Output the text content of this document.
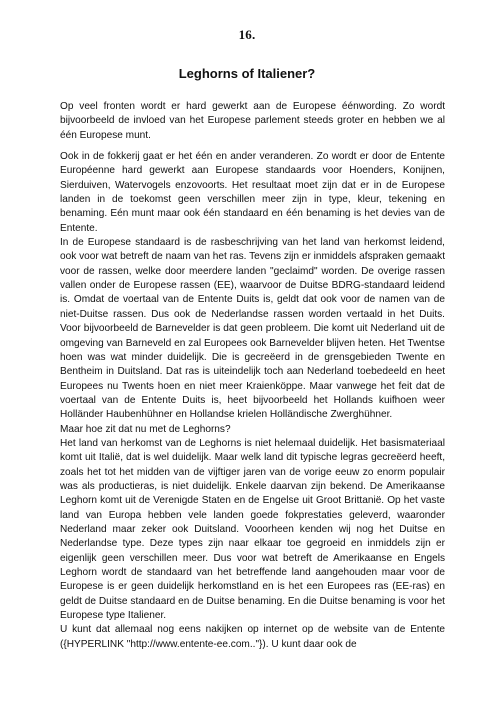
16.
Leghorns of Italiener?

Op veel fronten wordt er hard gewerkt aan de Europese éénwording. Zo wordt bijvoorbeeld de invloed van het Europese parlement steeds groter en hebben we al één Europese munt.

Ook in de fokkerij gaat er het één en ander veranderen. Zo wordt er door de Entente Européenne hard gewerkt aan Europese standaards voor Hoenders, Konijnen, Sierduiven, Watervogels enzovoorts. Het resultaat moet zijn dat er in de Europese landen in de toekomst geen verschillen meer zijn in type, kleur, tekening en benaming. Eén munt maar ook één standaard en één benaming is het devies van de Entente.

In de Europese standaard is de rasbeschrijving van het land van herkomst leidend, ook voor wat betreft de naam van het ras. Tevens zijn er inmiddels afspraken gemaakt voor de rassen, welke door meerdere landen "geclaimd" worden. De overige rassen vallen onder de Europese rassen (EE), waarvoor de Duitse BDRG-standaard leidend is. Omdat de voertaal van de Entente Duits is, geldt dat ook voor de namen van de niet-Duitse rassen. Dus ook de Nederlandse rassen worden vertaald in het Duits. Voor bijvoorbeeld de Barnevelder is dat geen probleem. Die komt uit Nederland uit de omgeving van Barneveld en zal Europees ook Barnevelder blijven heten. Het Twentse hoen was wat minder duidelijk. Die is gecreëerd in de grensgebieden Twente en Bentheim in Duitsland. Dat ras is uiteindelijk toch aan Nederland toebedeeld en heet Europees nu Twents hoen en niet meer Kraienköppe. Maar vanwege het feit dat de voertaal van de Entente Duits is, heet bijvoorbeeld het Hollands kuifhoen weer Holländer Haubenhühner en Hollandse krielen Holländische Zwerghühner.

Maar hoe zit dat nu met de Leghorns?

Het land van herkomst van de Leghorns is niet helemaal duidelijk. Het basismateriaal komt uit Italië, dat is wel duidelijk. Maar welk land dit typische legras gecreëerd heeft, zoals het tot het midden van de vijftiger jaren van de vorige eeuw zo enorm populair was als productieras, is niet duidelijk. Enkele daarvan zijn bekend. De Amerikaanse Leghorn komt uit de Verenigde Staten en de Engelse uit Groot Brittanië. Op het vaste land van Europa hebben vele landen goede fokprestaties geleverd, waaronder Nederland maar zeker ook Duitsland. Vooorheen kenden wij nog het Duitse en Nederlandse type. Deze types zijn naar elkaar toe gegroeid en inmiddels zijn er eigenlijk geen verschillen meer. Dus voor wat betreft de Amerikaanse en Engels Leghorn wordt de standaard van het betreffende land aangehouden maar voor de Europese is er geen duidelijk herkomstland en is het een Europees ras (EE-ras) en geldt de Duitse standaard en de Duitse benaming. En die Duitse benaming is voor het Europese type Italiener.

U kunt dat allemaal nog eens nakijken op internet op de website van de Entente ({HYPERLINK "http://www.entente-ee.com.."}). U kunt daar ook de
